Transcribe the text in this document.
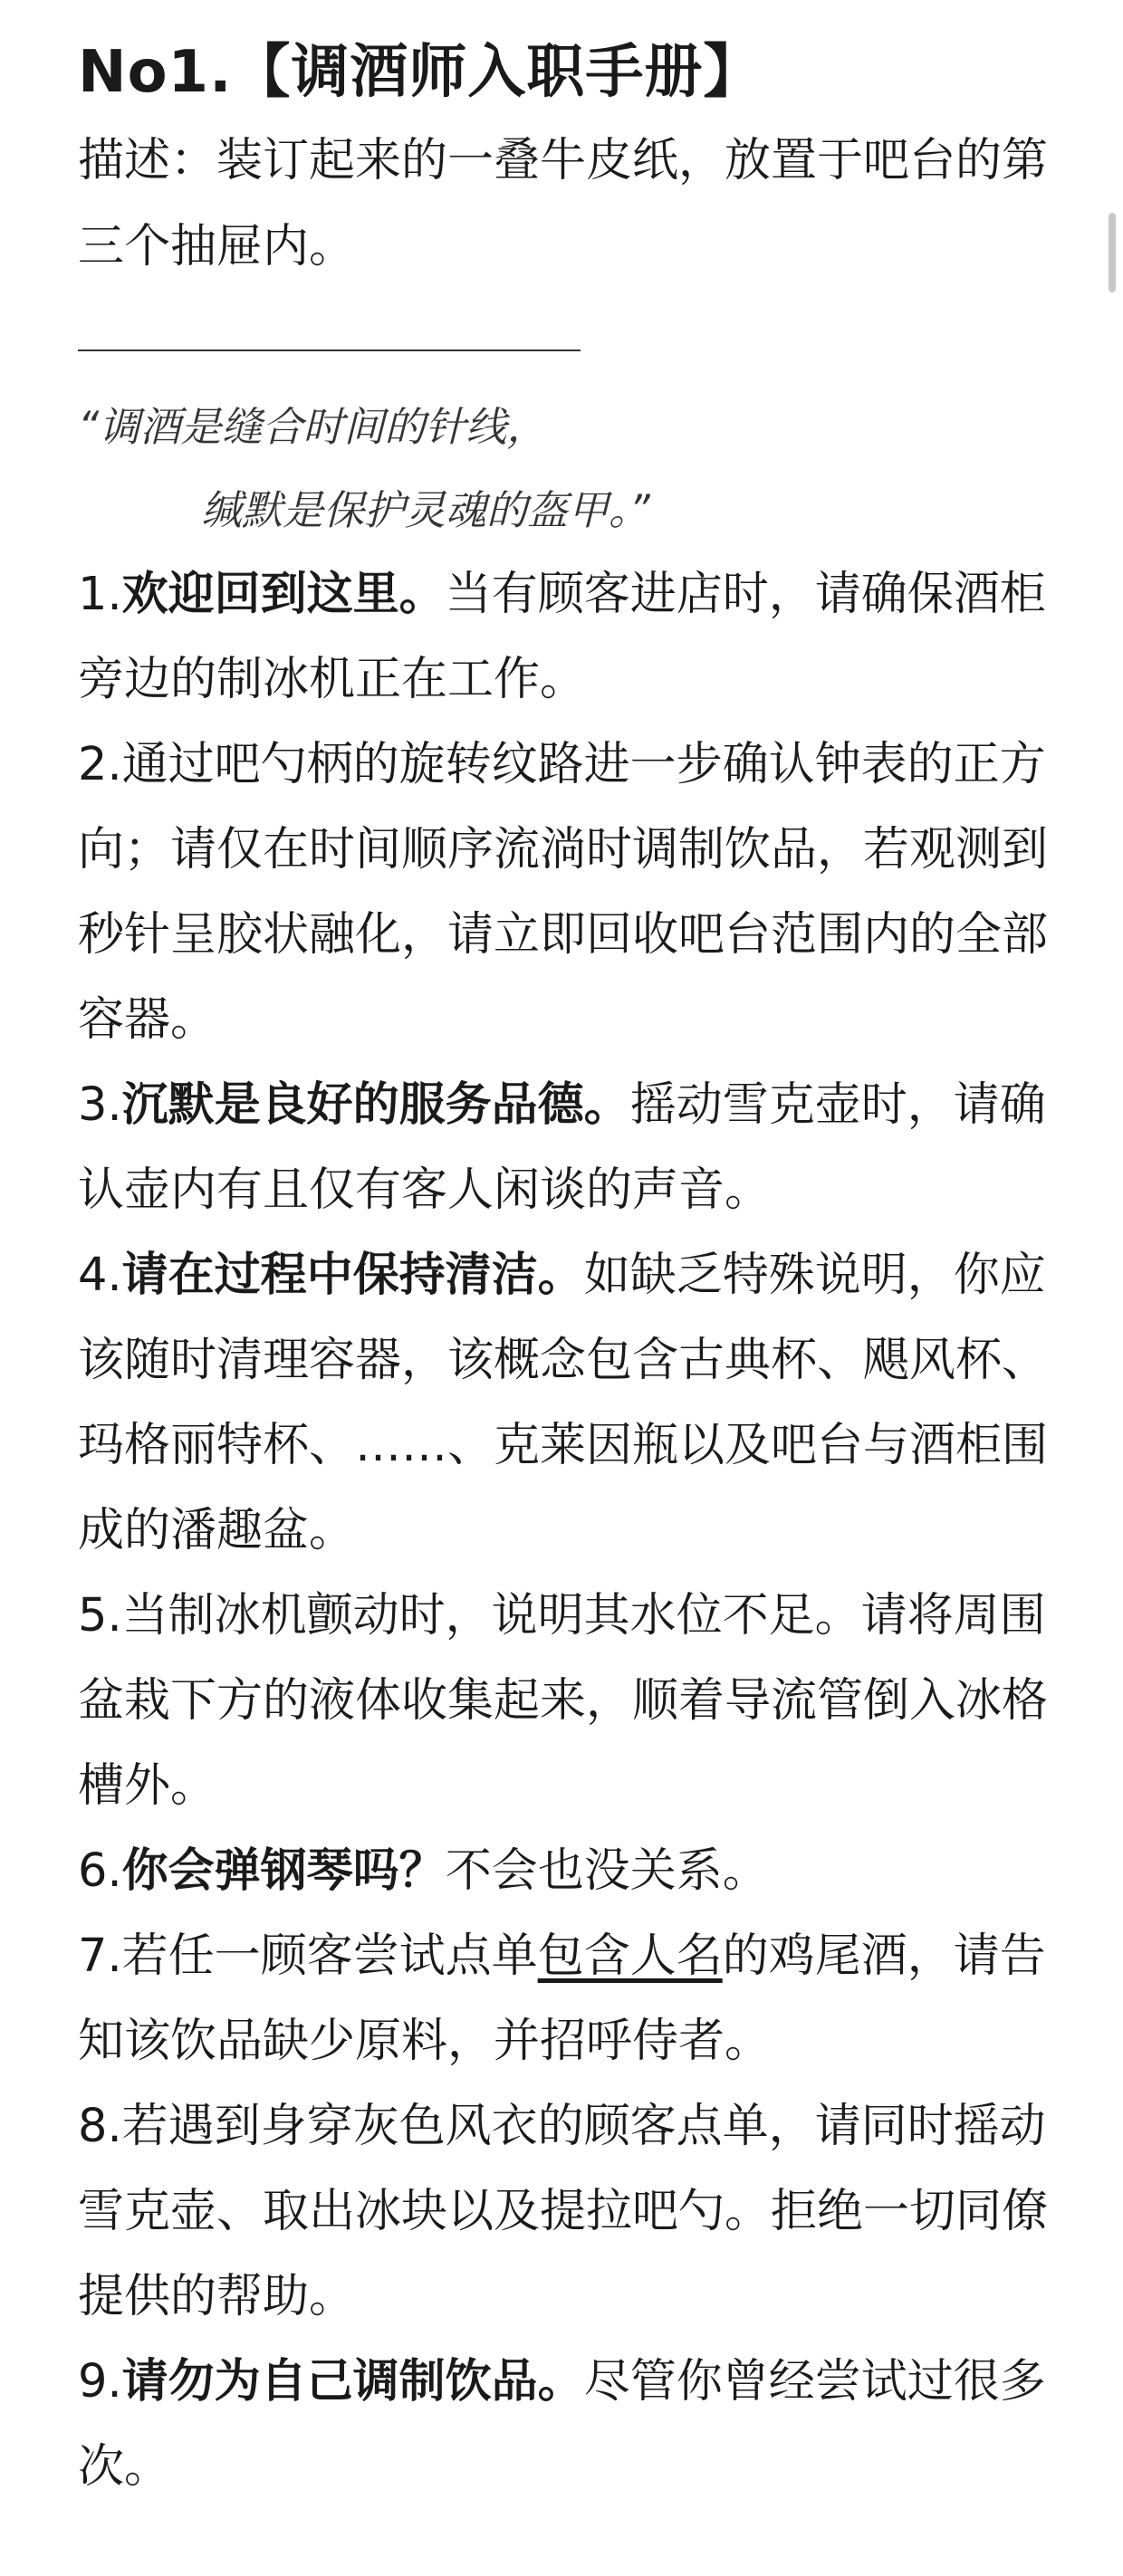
No1.【调酒师入职手册】

描述：装订起来的一叠牛皮纸，放置于吧台的第三个抽屉内。

“调酒是缝合时间的针线，

缄默是保护灵魂的盔甲。”

1.欢迎回到这里。当有顾客进店时，请确保酒柜旁边的制冰机正在工作。

2.通过吧勺柄的旋转纹路进一步确认钟表的正方向；请仅在时间顺序流淌时调制饮品，若观测到秒针呈胶状融化，请立即回收吧台范围内的全部容器。

3.沉默是良好的服务品德。摇动雪克壶时，请确认壶内有且仅有客人闲谈的声音。

4.请在过程中保持清洁。如缺乏特殊说明，你应该随时清理容器，该概念包含古典杯、飓风杯、玛格丽特杯、……、克莱因瓶以及吧台与酒柜围成的潘趣盆。

5.当制冰机颤动时，说明其水位不足。请将周围盆栽下方的液体收集起来，顺着导流管倒入冰格槽外。

6.你会弹钢琴吗？不会也没关系。

7.若任一顾客尝试点单包含人名的鸡尾酒，请告知该饮品缺少原料，并招呼侍者。

8.若遇到身穿灰色风衣的顾客点单，请同时摇动雪克壶、取出冰块以及提拉吧勺。拒绝一切同僚提供的帮助。

9.请勿为自己调制饮品。尽管你曾经尝试过很多次。
